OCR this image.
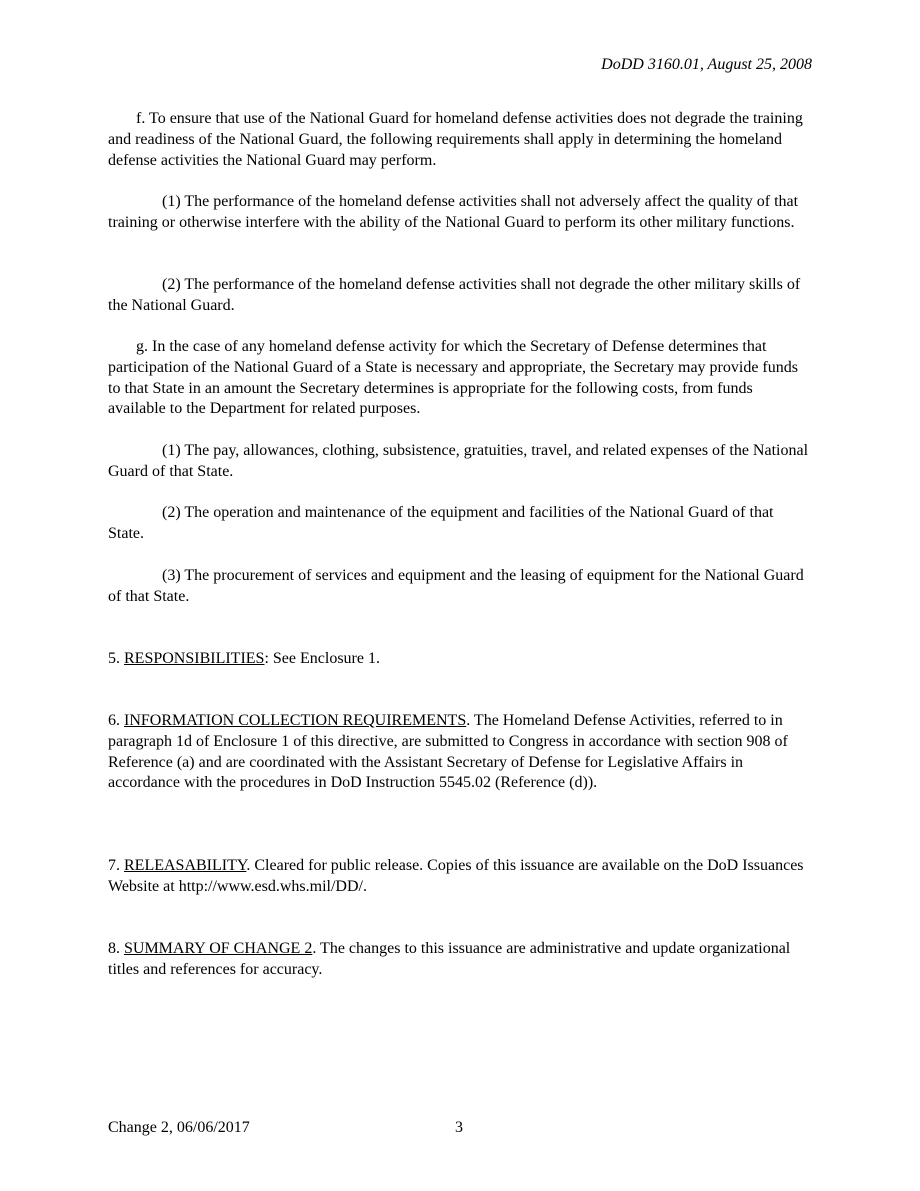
DoDD 3160.01, August 25, 2008

f. To ensure that use of the National Guard for homeland defense activities does not degrade the training and readiness of the National Guard, the following requirements shall apply in determining the homeland defense activities the National Guard may perform.

(1) The performance of the homeland defense activities shall not adversely affect the quality of that training or otherwise interfere with the ability of the National Guard to perform its other military functions.

(2) The performance of the homeland defense activities shall not degrade the other military skills of the National Guard.

g. In the case of any homeland defense activity for which the Secretary of Defense determines that participation of the National Guard of a State is necessary and appropriate, the Secretary may provide funds to that State in an amount the Secretary determines is appropriate for the following costs, from funds available to the Department for related purposes.

(1) The pay, allowances, clothing, subsistence, gratuities, travel, and related expenses of the National Guard of that State.

(2) The operation and maintenance of the equipment and facilities of the National Guard of that State.

(3) The procurement of services and equipment and the leasing of equipment for the National Guard of that State.

5. RESPONSIBILITIES: See Enclosure 1.

6. INFORMATION COLLECTION REQUIREMENTS. The Homeland Defense Activities, referred to in paragraph 1d of Enclosure 1 of this directive, are submitted to Congress in accordance with section 908 of Reference (a) and are coordinated with the Assistant Secretary of Defense for Legislative Affairs in accordance with the procedures in DoD Instruction 5545.02 (Reference (d)).

7. RELEASABILITY. Cleared for public release. Copies of this issuance are available on the DoD Issuances Website at http://www.esd.whs.mil/DD/.

8. SUMMARY OF CHANGE 2. The changes to this issuance are administrative and update organizational titles and references for accuracy.

Change 2, 06/06/2017	3
